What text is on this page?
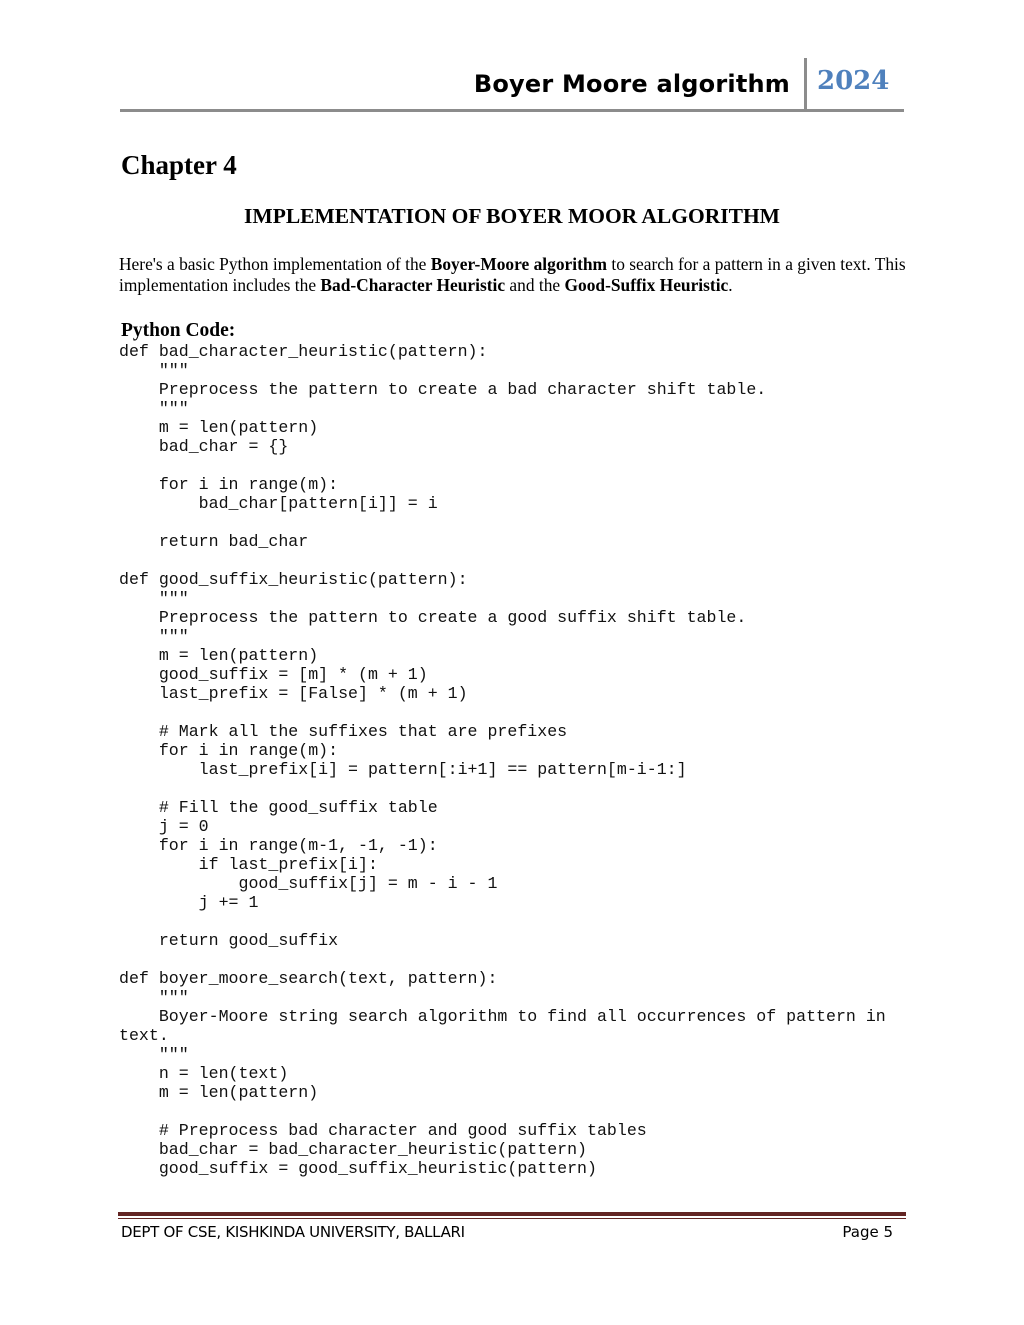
Boyer Moore algorithm 2024
Chapter 4
IMPLEMENTATION OF BOYER MOOR ALGORITHM

Here's a basic Python implementation of the Boyer-Moore algorithm to search for a pattern in a given text. This implementation includes the Bad-Character Heuristic and the Good-Suffix Heuristic.

Python Code:
def bad_character_heuristic(pattern):
"""
Preprocess the pattern to create a bad character shift table.
"""
m = len(pattern)
bad_char = {}
for i in range(m):
bad_char[pattern[i]] = i
return bad_char
def good_suffix_heuristic(pattern):
"""
Preprocess the pattern to create a good suffix shift table.
"""
m = len(pattern)
good_suffix = [m] * (m + 1)
last_prefix = [False] * (m + 1)
# Mark all the suffixes that are prefixes
for i in range(m):
last_prefix[i] = pattern[:i+1] == pattern[m-i-1:]
# Fill the good_suffix table
j = 0
for i in range(m-1, -1, -1):
if last_prefix[i]:
good_suffix[j] = m - i - 1
j += 1
return good_suffix
def boyer_moore_search(text, pattern):
"""
Boyer-Moore string search algorithm to find all occurrences of pattern in
text.
"""
n = len(text)
m = len(pattern)
# Preprocess bad character and good suffix tables
bad_char = bad_character_heuristic(pattern)
good_suffix = good_suffix_heuristic(pattern)
DEPT OF CSE, KISHKINDA UNIVERSITY, BALLARI	Page 5
